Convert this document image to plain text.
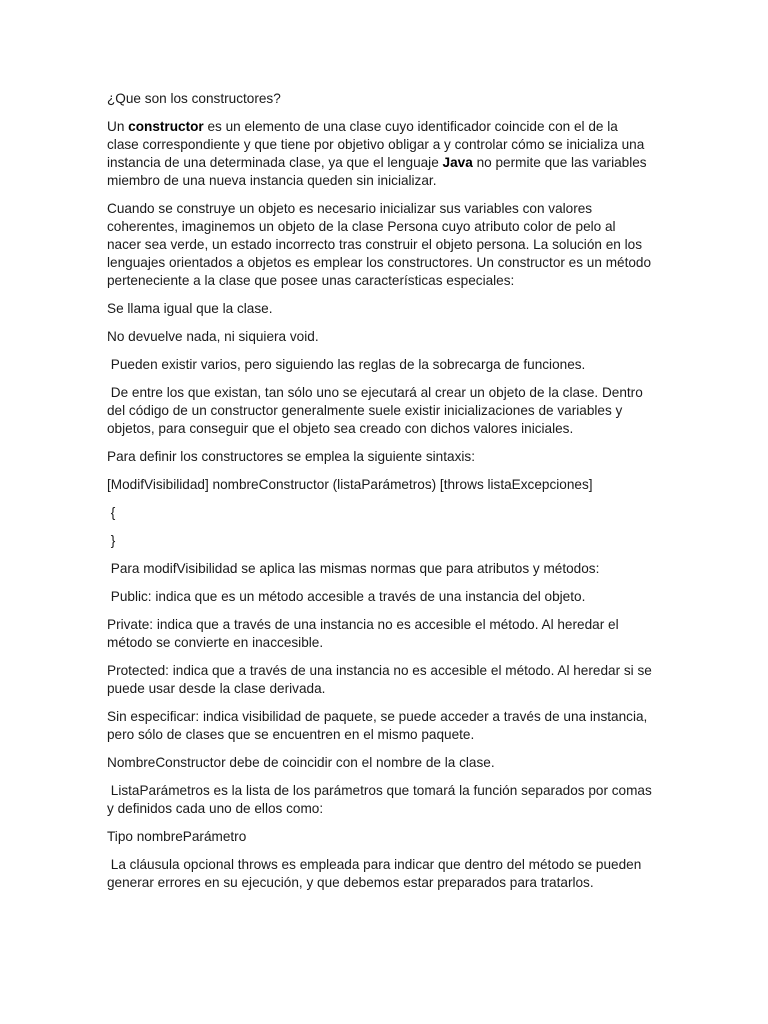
¿Que son los constructores?

Un constructor es un elemento de una clase cuyo identificador coincide con el de la clase correspondiente y que tiene por objetivo obligar a y controlar cómo se inicializa una instancia de una determinada clase, ya que el lenguaje Java no permite que las variables miembro de una nueva instancia queden sin inicializar.

Cuando se construye un objeto es necesario inicializar sus variables con valores coherentes, imaginemos un objeto de la clase Persona cuyo atributo color de pelo al nacer sea verde, un estado incorrecto tras construir el objeto persona. La solución en los lenguajes orientados a objetos es emplear los constructores. Un constructor es un método perteneciente a la clase que posee unas características especiales:

Se llama igual que la clase.

No devuelve nada, ni siquiera void.

Pueden existir varios, pero siguiendo las reglas de la sobrecarga de funciones.

De entre los que existan, tan sólo uno se ejecutará al crear un objeto de la clase. Dentro del código de un constructor generalmente suele existir inicializaciones de variables y objetos, para conseguir que el objeto sea creado con dichos valores iniciales.

Para definir los constructores se emplea la siguiente sintaxis:

[ModifVisibilidad] nombreConstructor (listaParámetros) [throws listaExcepciones]

{

}

Para modifVisibilidad se aplica las mismas normas que para atributos y métodos:

Public: indica que es un método accesible a través de una instancia del objeto.

Private: indica que a través de una instancia no es accesible el método. Al heredar el método se convierte en inaccesible.

Protected: indica que a través de una instancia no es accesible el método. Al heredar si se puede usar desde la clase derivada.

Sin especificar: indica visibilidad de paquete, se puede acceder a través de una instancia, pero sólo de clases que se encuentren en el mismo paquete.

NombreConstructor debe de coincidir con el nombre de la clase.

ListaParámetros es la lista de los parámetros que tomará la función separados por comas y definidos cada uno de ellos como:

Tipo nombreParámetro

La cláusula opcional throws es empleada para indicar que dentro del método se pueden generar errores en su ejecución, y que debemos estar preparados para tratarlos.
